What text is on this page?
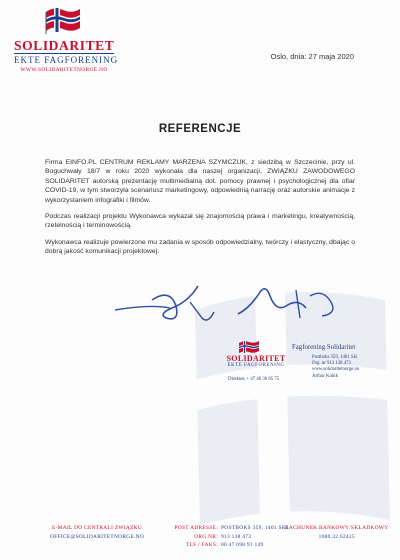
SOLIDARITET
EKTE FAGFORENING
WWW.SOLIDARITETNORGE.NO
Oslo, dnia: 27 maja 2020
REFERENCJE

Firma EINFO.PL CENTRUM REKLAMY MARZENA SZYMCZUK, z siedzibą w Szczecinie, przy ul. Boguchwały 18/7 w roku 2020 wykonała dla naszej organizacji, ZWIĄZKU ZAWODOWEGO SOLIDARITET autorską prezentację multimedialną dot. pomocy prawnej i psychologicznej dla ofiar COVID-19, w tym stworzyła scenariusz marketingowy, odpowiednią narrację oraz autorskie animacje z wykorzystaniem infografiki i filmów.

Podczas realizacji projektu Wykonawca wykazał się znajomością prawa i marketingu, kreatywnością, rzetelnością i terminowością.

Wykonawca realizuje powierzone mu zadania w sposób odpowiedzialny, twórczy i elastyczny, dbając o dobrą jakość komunikacji projektowej.

SOLIDARITET
EKTE FAGFORENING
Direktør, + 47 46 36 85 75
Fagforening Solidaritet
Postboks 359, 1401 Ski
Org. nr 913 138 473
www.solidaritetnorge.no
Arthur Kubik
E-MAIL DO CENTRALI ZWIĄZKU
OFFICE@SOLIDARITETNORGE.NO
POST ADRESSE:
ORG.NR:
TLF / FAKS:
POSTBOKS 359, 1401 SKI
913 138 473
00 47 698 91 149
RACHUNEK BANKOWY/SKŁADKOWY
1080.32.62425
